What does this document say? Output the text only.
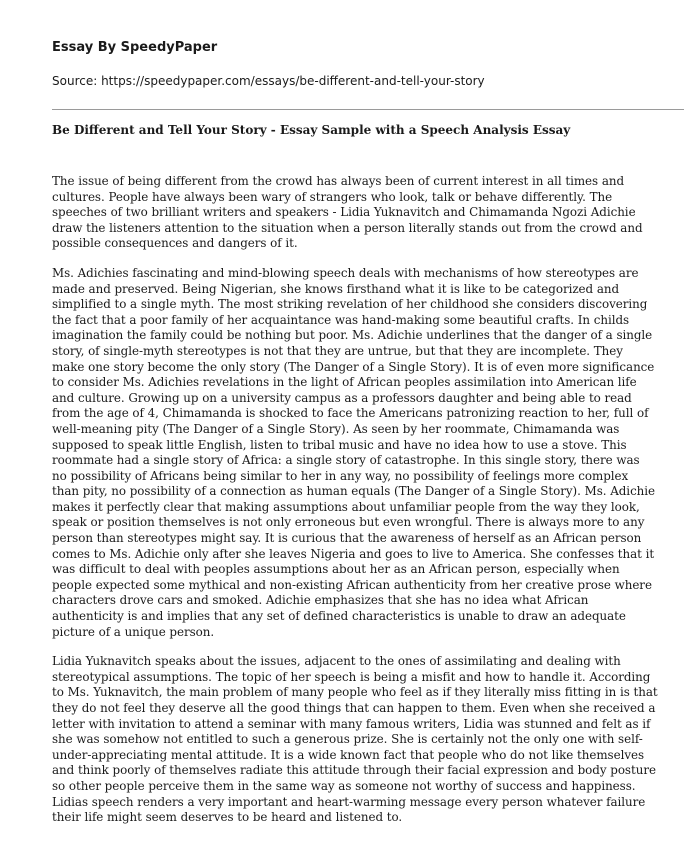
Essay By SpeedyPaper

Source: https://speedypaper.com/essays/be-different-and-tell-your-story

Be Different and Tell Your Story - Essay Sample with a Speech Analysis Essay

The issue of being different from the crowd has always been of current interest in all times and cultures. People have always been wary of strangers who look, talk or behave differently. The speeches of two brilliant writers and speakers - Lidia Yuknavitch and Chimamanda Ngozi Adichie draw the listeners attention to the situation when a person literally stands out from the crowd and possible consequences and dangers of it.

Ms. Adichies fascinating and mind-blowing speech deals with mechanisms of how stereotypes are made and preserved. Being Nigerian, she knows firsthand what it is like to be categorized and simplified to a single myth. The most striking revelation of her childhood she considers discovering the fact that a poor family of her acquaintance was hand-making some beautiful crafts. In childs imagination the family could be nothing but poor. Ms. Adichie underlines that the danger of a single story, of single-myth stereotypes is not that they are untrue, but that they are incomplete. They make one story become the only story (The Danger of a Single Story). It is of even more significance to consider Ms. Adichies revelations in the light of African peoples assimilation into American life and culture. Growing up on a university campus as a professors daughter and being able to read from the age of 4, Chimamanda is shocked to face the Americans patronizing reaction to her, full of well-meaning pity (The Danger of a Single Story). As seen by her roommate, Chimamanda was supposed to speak little English, listen to tribal music and have no idea how to use a stove. This roommate had a single story of Africa: a single story of catastrophe. In this single story, there was no possibility of Africans being similar to her in any way, no possibility of feelings more complex than pity, no possibility of a connection as human equals (The Danger of a Single Story). Ms. Adichie makes it perfectly clear that making assumptions about unfamiliar people from the way they look, speak or position themselves is not only erroneous but even wrongful. There is always more to any person than stereotypes might say. It is curious that the awareness of herself as an African person comes to Ms. Adichie only after she leaves Nigeria and goes to live to America. She confesses that it was difficult to deal with peoples assumptions about her as an African person, especially when people expected some mythical and non-existing African authenticity from her creative prose where characters drove cars and smoked. Adichie emphasizes that she has no idea what African authenticity is and implies that any set of defined characteristics is unable to draw an adequate picture of a unique person.

Lidia Yuknavitch speaks about the issues, adjacent to the ones of assimilating and dealing with stereotypical assumptions. The topic of her speech is being a misfit and how to handle it. According to Ms. Yuknavitch, the main problem of many people who feel as if they literally miss fitting in is that they do not feel they deserve all the good things that can happen to them. Even when she received a letter with invitation to attend a seminar with many famous writers, Lidia was stunned and felt as if she was somehow not entitled to such a generous prize. She is certainly not the only one with self-under-appreciating mental attitude. It is a wide known fact that people who do not like themselves and think poorly of themselves radiate this attitude through their facial expression and body posture so other people perceive them in the same way as someone not worthy of success and happiness. Lidias speech renders a very important and heart-warming message every person whatever failure their life might seem deserves to be heard and listened to.
